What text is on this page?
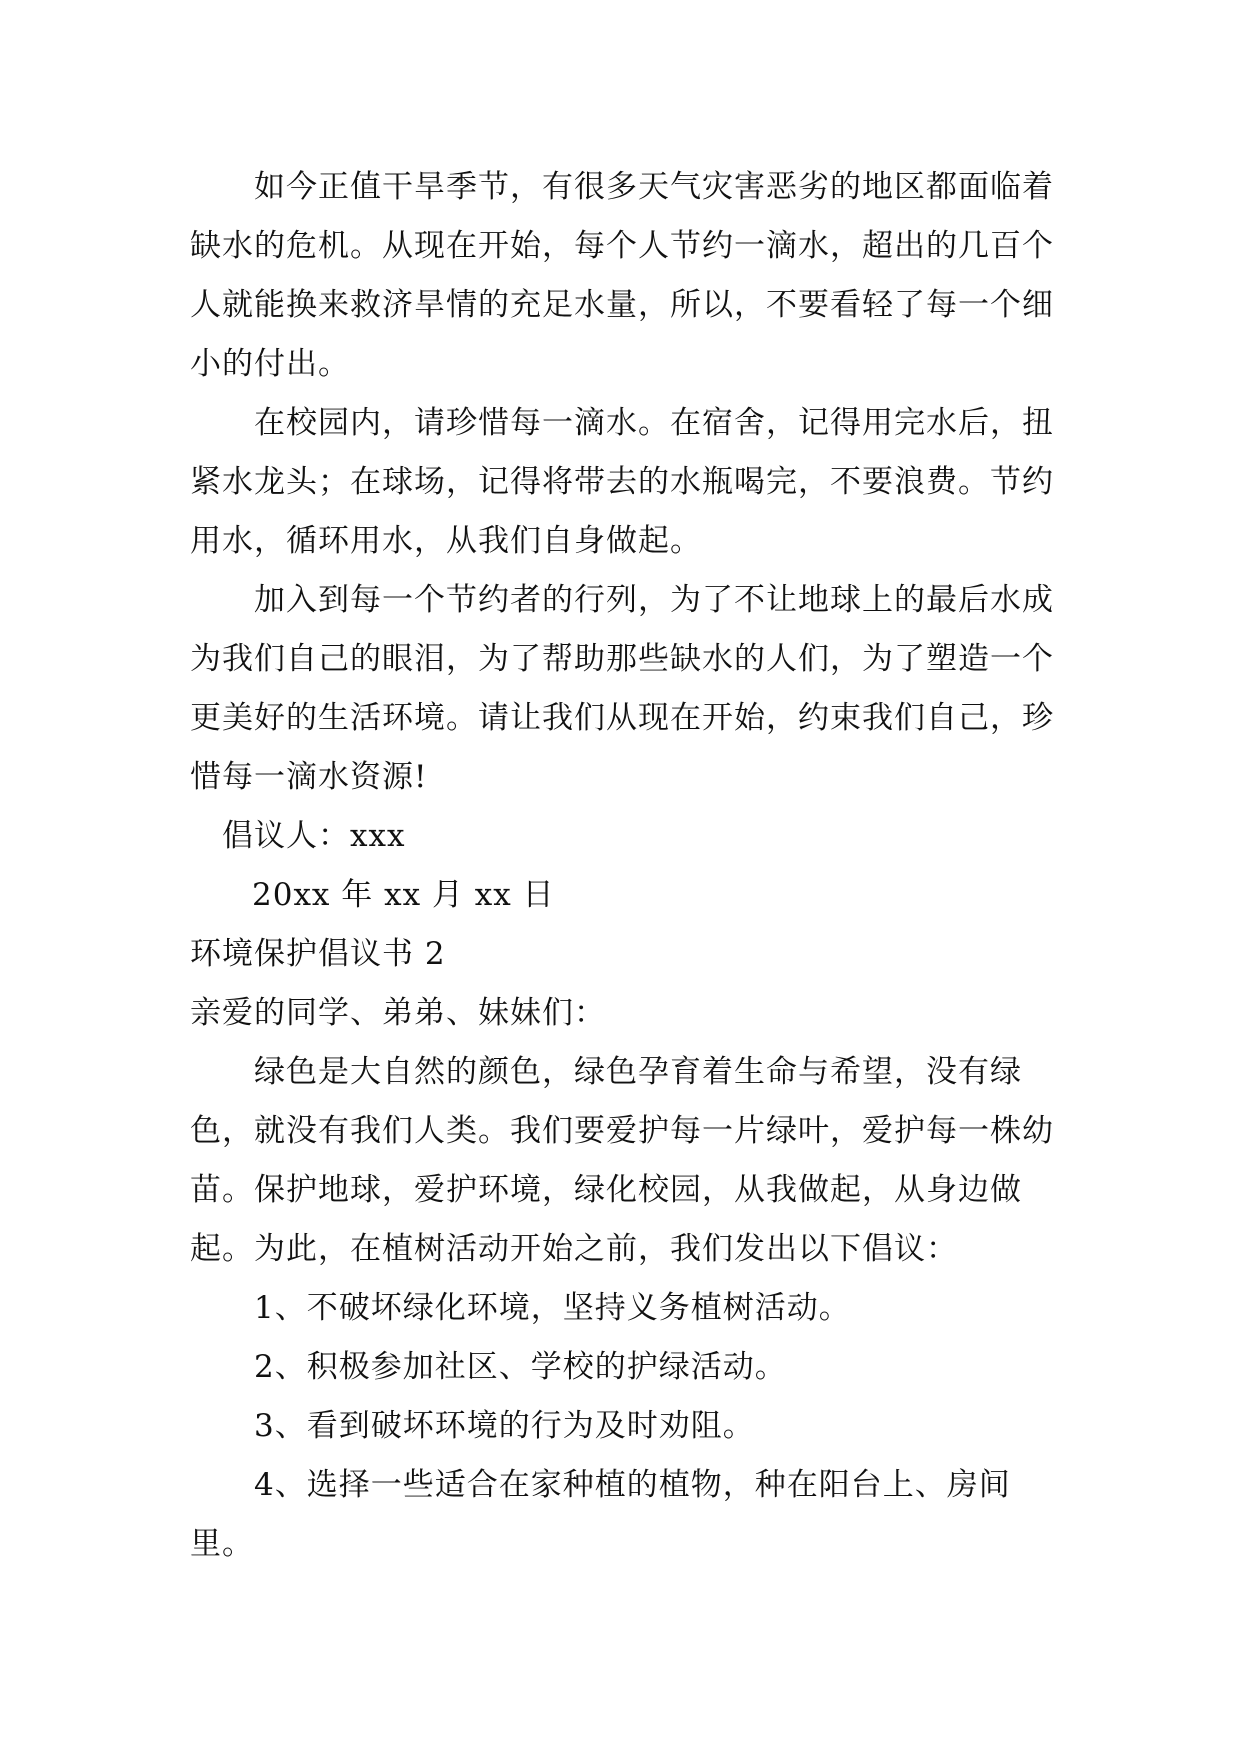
如今正值干旱季节，有很多天气灾害恶劣的地区都面临着缺水的危机。从现在开始，每个人节约一滴水，超出的几百个人就能换来救济旱情的充足水量，所以，不要看轻了每一个细小的付出。

在校园内，请珍惜每一滴水。在宿舍，记得用完水后，扭紧水龙头；在球场，记得将带去的水瓶喝完，不要浪费。节约用水，循环用水，从我们自身做起。

加入到每一个节约者的行列，为了不让地球上的最后水成为我们自己的眼泪，为了帮助那些缺水的人们，为了塑造一个更美好的生活环境。请让我们从现在开始，约束我们自己，珍惜每一滴水资源!

倡议人：xxx

20xx 年 xx 月 xx 日

环境保护倡议书 2

亲爱的同学、弟弟、妹妹们：

绿色是大自然的颜色，绿色孕育着生命与希望，没有绿色，就没有我们人类。我们要爱护每一片绿叶，爱护每一株幼苗。保护地球，爱护环境，绿化校园，从我做起，从身边做起。为此，在植树活动开始之前，我们发出以下倡议：

1、不破坏绿化环境，坚持义务植树活动。

2、积极参加社区、学校的护绿活动。

3、看到破坏环境的行为及时劝阻。

4、选择一些适合在家种植的植物，种在阳台上、房间里。
